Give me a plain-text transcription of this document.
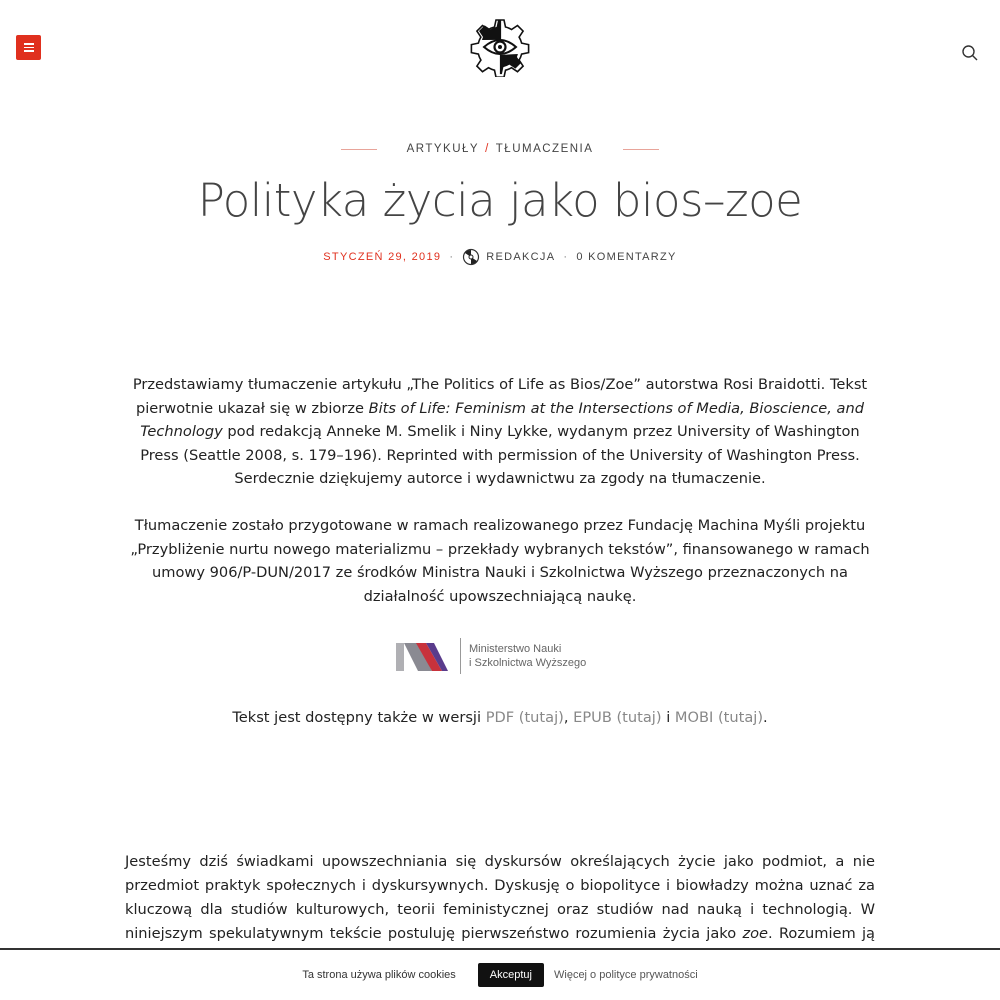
ARTYKUŁY / TŁUMACZENIA
Polityka życia jako bios–zoe
STYCZEŃ 29, 2019 ·	REDAKCJA · 0 KOMENTARZY

Przedstawiamy tłumaczenie artykułu „The Politics of Life as Bios/Zoe” autorstwa Rosi Braidotti. Tekst pierwotnie ukazał się w zbiorze Bits of Life: Feminism at the Intersections of Media, Bioscience, and Technology pod redakcją Anneke M. Smelik i Niny Lykke, wydanym przez University of Washington Press (Seattle 2008, s. 179–196). Reprinted with permission of the University of Washington Press. Serdecznie dziękujemy autorce i wydawnictwu za zgody na tłumaczenie.

Tłumaczenie zostało przygotowane w ramach realizowanego przez Fundację Machina Myśli projektu „Przybliżenie nurtu nowego materializmu – przekłady wybranych tekstów”, finansowanego w ramach umowy 906/P-DUN/2017 ze środków Ministra Nauki i Szkolnictwa Wyższego przeznaczonych na działalność upowszechniającą naukę.

Ministerstwo Nauki
i Szkolnictwa Wyższego

Tekst jest dostępny także w wersji PDF (tutaj), EPUB (tutaj) i MOBI (tutaj).

Jesteśmy dziś świadkami upowszechniania się dyskursów określających życie jako podmiot, a nie przedmiot praktyk społecznych i dyskursywnych. Dyskusję o biopolityce i biowładzy można uznać za kluczową dla studiów kulturowych, teorii feministycznej oraz studiów nad nauką i technologią. W niniejszym spekulatywnym tekście postuluję pierwszeństwo rozumienia życia jako zoe. Rozumiem ją

Ta strona używa plików cookies	Akceptuj	Więcej o polityce prywatności
